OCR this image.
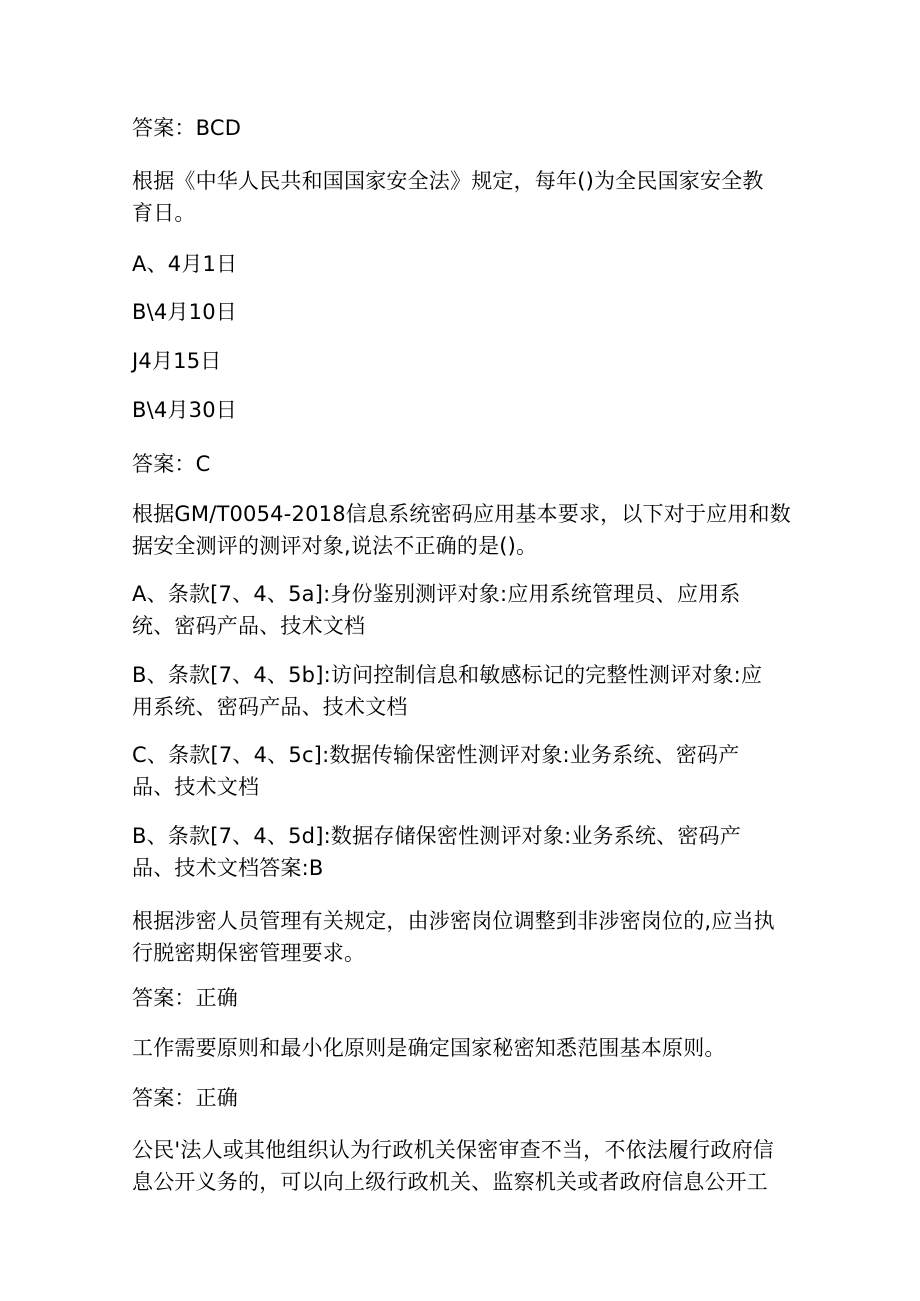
答案：BCD
根据《中华人民共和国国家安全法》规定，每年()为全民国家安全教
育日。
A、4月1日
B\4月10日
J4月15日
B\4月30日
答案：C
根据GM/T0054-2018信息系统密码应用基本要求，以下对于应用和数
据安全测评的测评对象,说法不正确的是()。
A、条款[7、4、5a]:身份鉴别测评对象:应用系统管理员、应用系
统、密码产品、技术文档
B、条款[7、4、5b]:访问控制信息和敏感标记的完整性测评对象:应
用系统、密码产品、技术文档
C、条款[7、4、5c]:数据传输保密性测评对象:业务系统、密码产
品、技术文档
B、条款[7、4、5d]:数据存储保密性测评对象:业务系统、密码产
品、技术文档答案:B
根据涉密人员管理有关规定，由涉密岗位调整到非涉密岗位的,应当执
行脱密期保密管理要求。
答案：正确
工作需要原则和最小化原则是确定国家秘密知悉范围基本原则。
答案：正确
公民'法人或其他组织认为行政机关保密审查不当，不依法履行政府信
息公开义务的，可以向上级行政机关、监察机关或者政府信息公开工
